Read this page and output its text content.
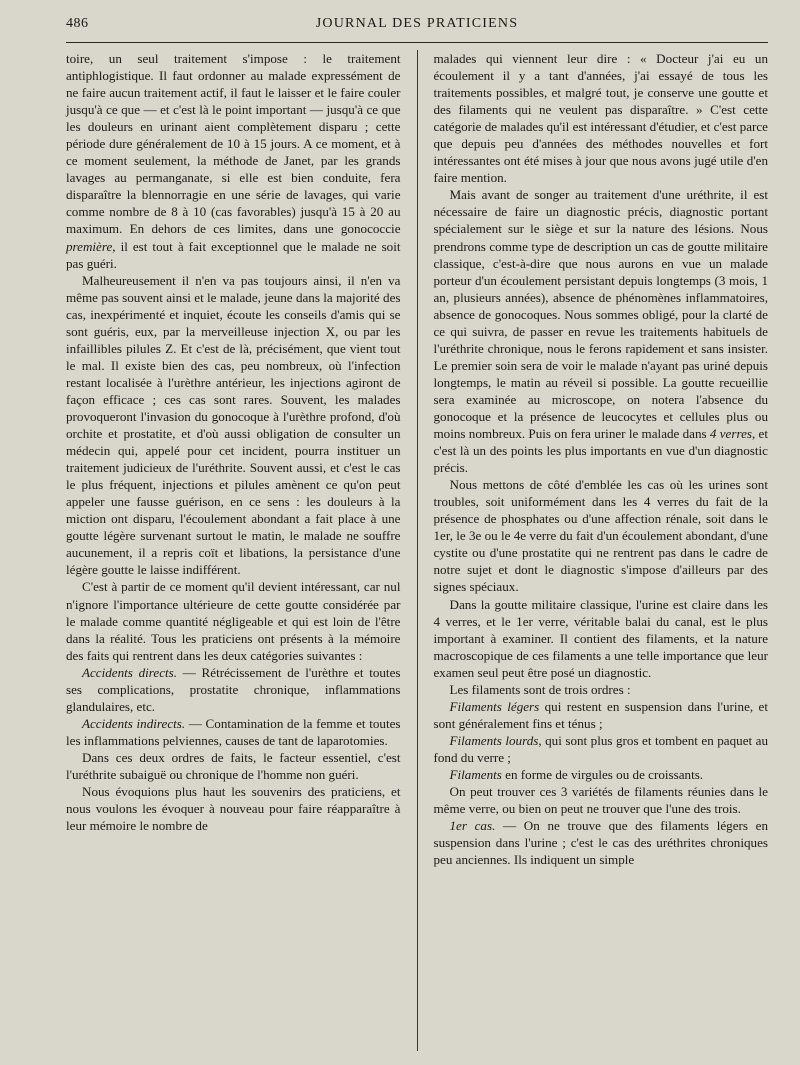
486	JOURNAL DES PRATICIENS

toire, un seul traitement s'impose : le traitement antiphlogistique. Il faut ordonner au malade expressément de ne faire aucun traitement actif, il faut le laisser et le faire couler jusqu'à ce que — et c'est là le point important — jusqu'à ce que les douleurs en urinant aient complètement disparu ; cette période dure généralement de 10 à 15 jours. A ce moment, et à ce moment seulement, la méthode de Janet, par les grands lavages au permanganate, si elle est bien conduite, fera disparaître la blennorragie en une série de lavages, qui varie comme nombre de 8 à 10 (cas favorables) jusqu'à 15 à 20 au maximum. En dehors de ces limites, dans une gonococcie première, il est tout à fait exceptionnel que le malade ne soit pas guéri.

Malheureusement il n'en va pas toujours ainsi, il n'en va même pas souvent ainsi et le malade, jeune dans la majorité des cas, inexpérimenté et inquiet, écoute les conseils d'amis qui se sont guéris, eux, par la merveilleuse injection X, ou par les infaillibles pilules Z. Et c'est de là, précisément, que vient tout le mal. Il existe bien des cas, peu nombreux, où l'infection restant localisée à l'urèthre antérieur, les injections agiront de façon efficace ; ces cas sont rares. Souvent, les malades provoqueront l'invasion du gonocoque à l'urèthre profond, d'où orchite et prostatite, et d'où aussi obligation de consulter un médecin qui, appelé pour cet incident, pourra instituer un traitement judicieux de l'uréthrite. Souvent aussi, et c'est le cas le plus fréquent, injections et pilules amènent ce qu'on peut appeler une fausse guérison, en ce sens : les douleurs à la miction ont disparu, l'écoulement abondant a fait place à une goutte légère survenant surtout le matin, le malade ne souffre aucunement, il a repris coït et libations, la persistance d'une légère goutte le laisse indifférent.

C'est à partir de ce moment qu'il devient intéressant, car nul n'ignore l'importance ultérieure de cette goutte considérée par le malade comme quantité négligeable et qui est loin de l'être dans la réalité. Tous les praticiens ont présents à la mémoire des faits qui rentrent dans les deux catégories suivantes :

Accidents directs. — Rétrécissement de l'urèthre et toutes ses complications, prostatite chronique, inflammations glandulaires, etc.

Accidents indirects. — Contamination de la femme et toutes les inflammations pelviennes, causes de tant de laparotomies.

Dans ces deux ordres de faits, le facteur essentiel, c'est l'uréthrite subaiguë ou chronique de l'homme non guéri.

Nous évoquions plus haut les souvenirs des praticiens, et nous voulons les évoquer à nouveau pour faire réapparaître à leur mémoire le nombre de

malades qui viennent leur dire : « Docteur j'ai eu un écoulement il y a tant d'années, j'ai essayé de tous les traitements possibles, et malgré tout, je conserve une goutte et des filaments qui ne veulent pas disparaître. » C'est cette catégorie de malades qu'il est intéressant d'étudier, et c'est parce que depuis peu d'années des méthodes nouvelles et fort intéressantes ont été mises à jour que nous avons jugé utile d'en faire mention.

Mais avant de songer au traitement d'une uréthrite, il est nécessaire de faire un diagnostic précis, diagnostic portant spécialement sur le siège et sur la nature des lésions. Nous prendrons comme type de description un cas de goutte militaire classique, c'est-à-dire que nous aurons en vue un malade porteur d'un écoulement persistant depuis longtemps (3 mois, 1 an, plusieurs années), absence de phénomènes inflammatoires, absence de gonocoques. Nous sommes obligé, pour la clarté de ce qui suivra, de passer en revue les traitements habituels de l'uréthrite chronique, nous le ferons rapidement et sans insister. Le premier soin sera de voir le malade n'ayant pas uriné depuis longtemps, le matin au réveil si possible. La goutte recueillie sera examinée au microscope, on notera l'absence du gonocoque et la présence de leucocytes et cellules plus ou moins nombreux. Puis on fera uriner le malade dans 4 verres, et c'est là un des points les plus importants en vue d'un diagnostic précis.

Nous mettons de côté d'emblée les cas où les urines sont troubles, soit uniformément dans les 4 verres du fait de la présence de phosphates ou d'une affection rénale, soit dans le 1er, le 3e ou le 4e verre du fait d'un écoulement abondant, d'une cystite ou d'une prostatite qui ne rentrent pas dans le cadre de notre sujet et dont le diagnostic s'impose d'ailleurs par des signes spéciaux.

Dans la goutte militaire classique, l'urine est claire dans les 4 verres, et le 1er verre, véritable balai du canal, est le plus important à examiner. Il contient des filaments, et la nature macroscopique de ces filaments a une telle importance que leur examen seul peut être posé un diagnostic.

Les filaments sont de trois ordres :

Filaments légers qui restent en suspension dans l'urine, et sont généralement fins et ténus ;

Filaments lourds, qui sont plus gros et tombent en paquet au fond du verre ;

Filaments en forme de virgules ou de croissants.

On peut trouver ces 3 variétés de filaments réunies dans le même verre, ou bien on peut ne trouver que l'une des trois.

1er cas. — On ne trouve que des filaments légers en suspension dans l'urine ; c'est le cas des uréthrites chroniques peu anciennes. Ils indiquent un simple
